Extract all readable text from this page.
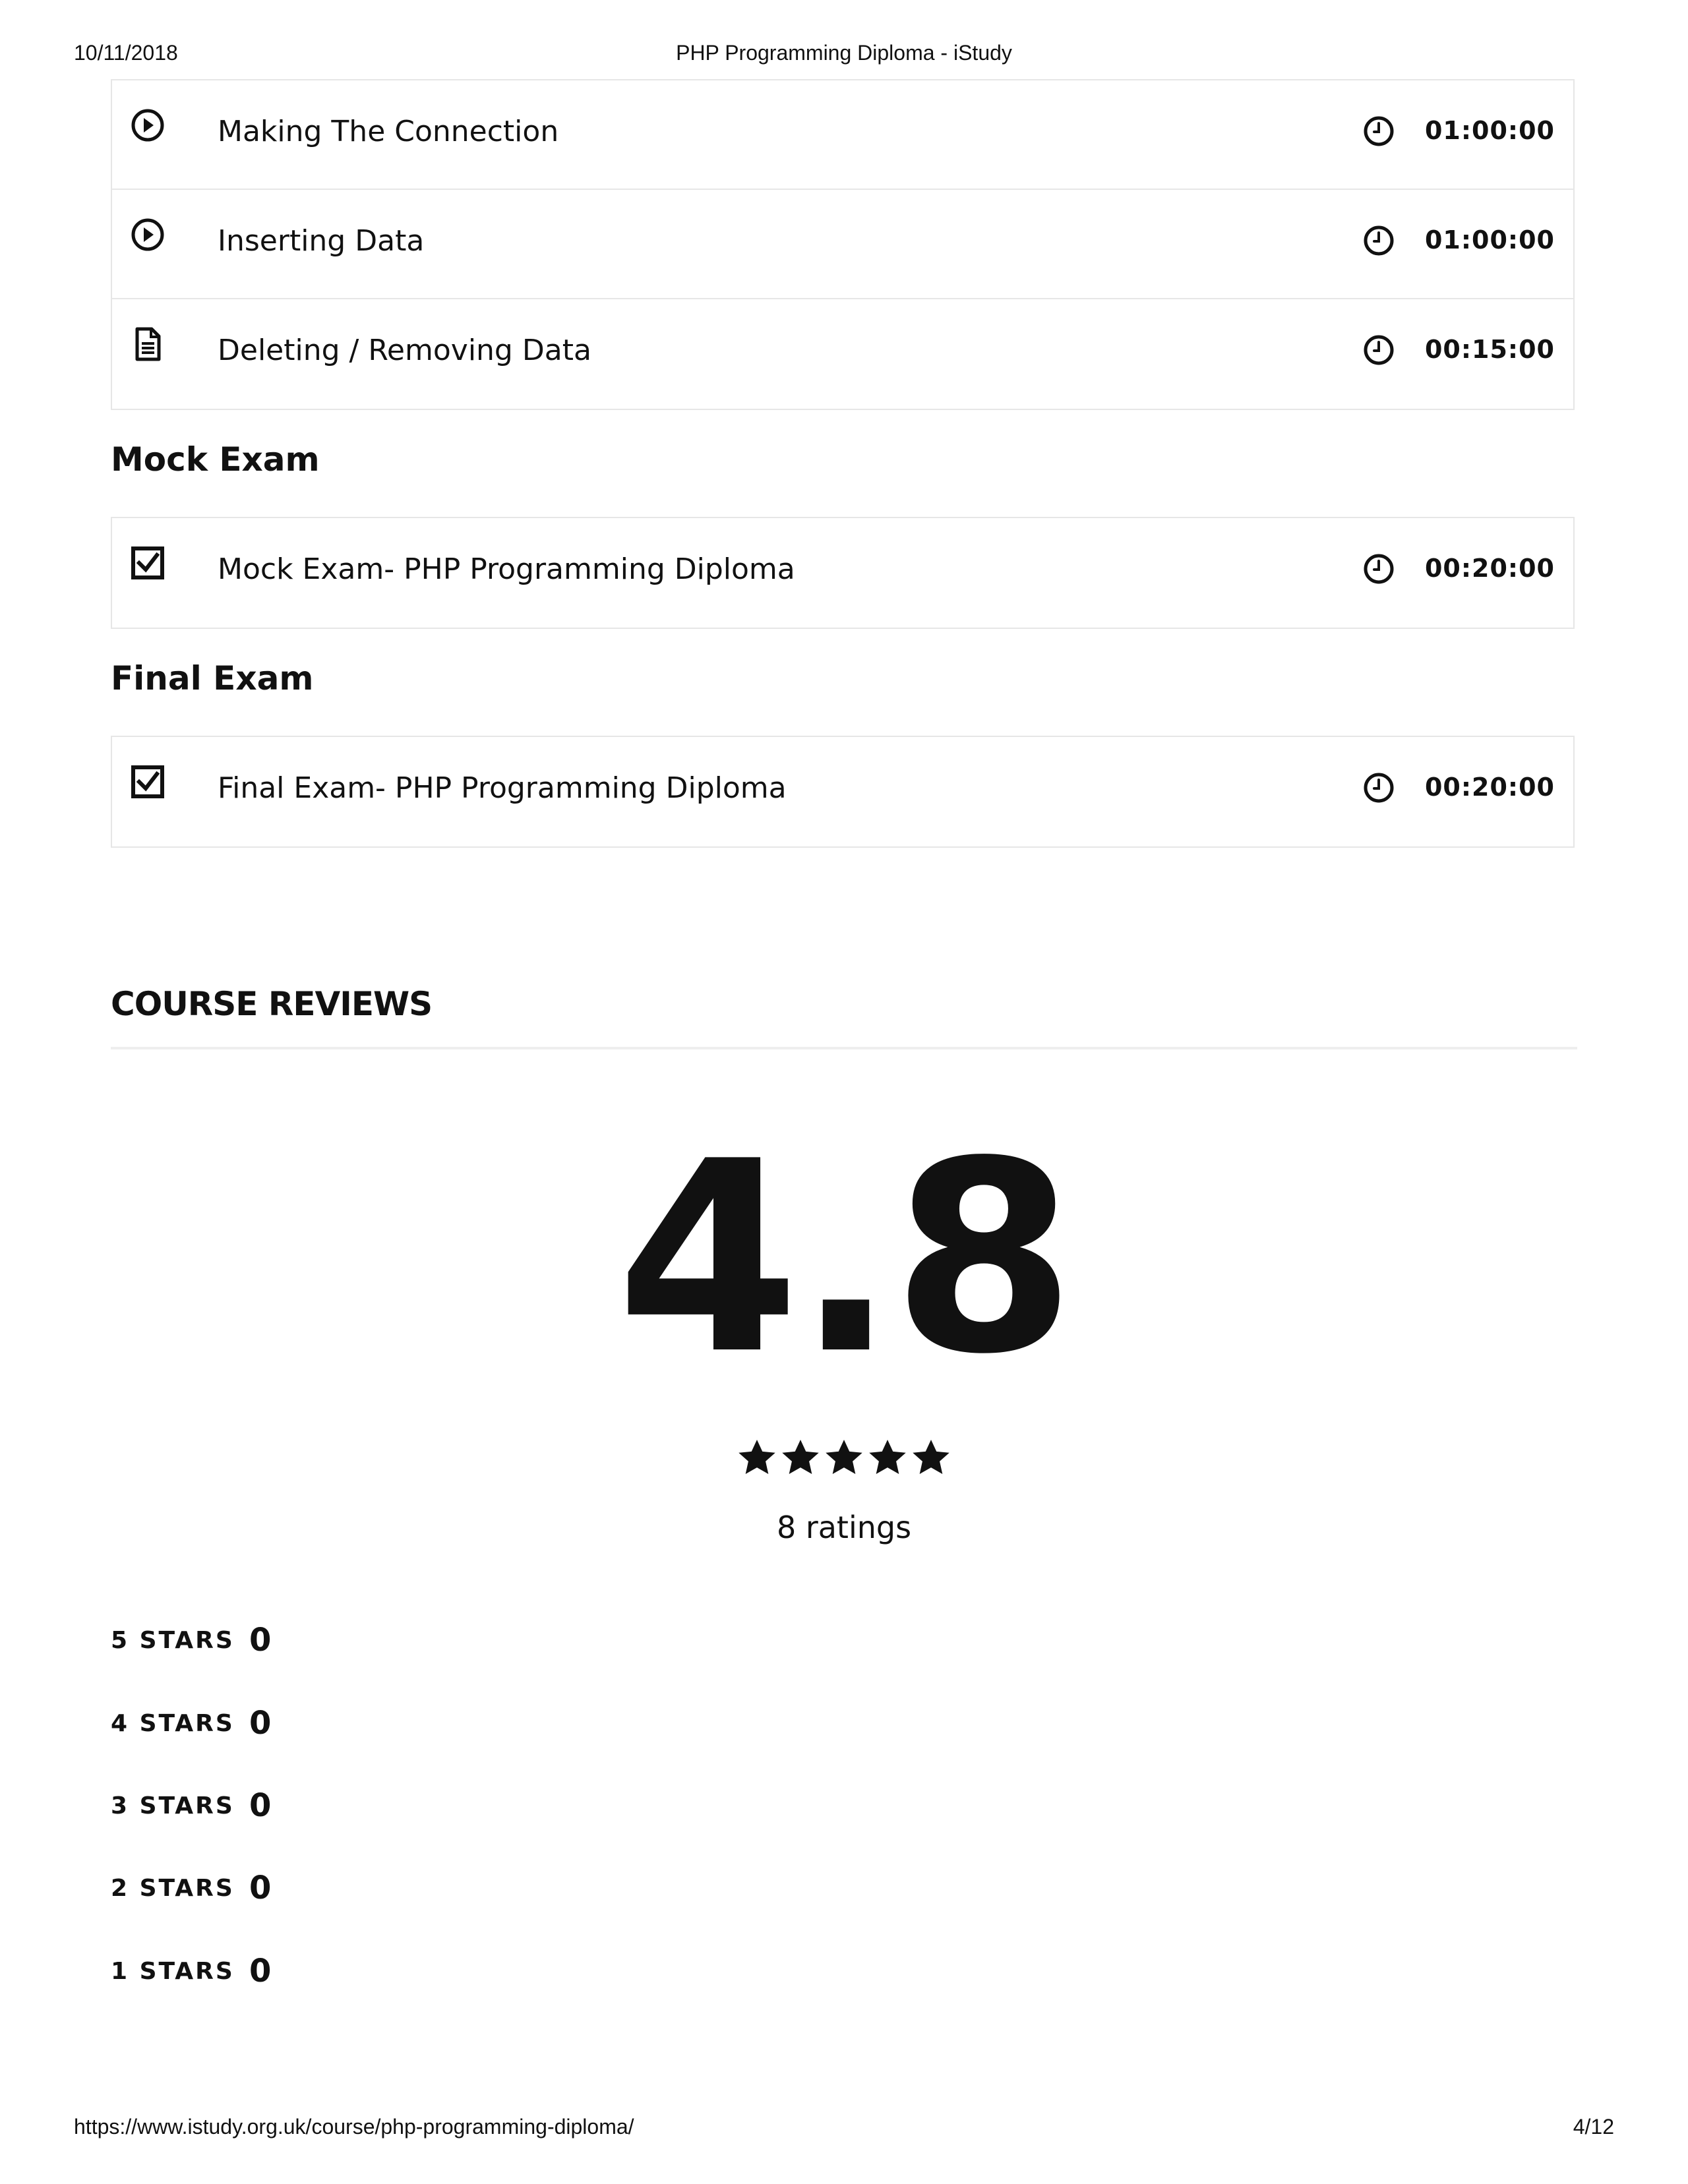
10/11/2018	PHP Programming Diploma - iStudy
Making The Connection	01:00:00
Inserting Data	01:00:00
Deleting / Removing Data	00:15:00
Mock Exam
Mock Exam- PHP Programming Diploma	00:20:00
Final Exam
Final Exam- PHP Programming Diploma	00:20:00
COURSE REVIEWS
4.8

8 ratings
5 STARS 0
4 STARS 0
3 STARS 0
2 STARS 0
1 STARS 0
https://www.istudy.org.uk/course/php-programming-diploma/	4/12
